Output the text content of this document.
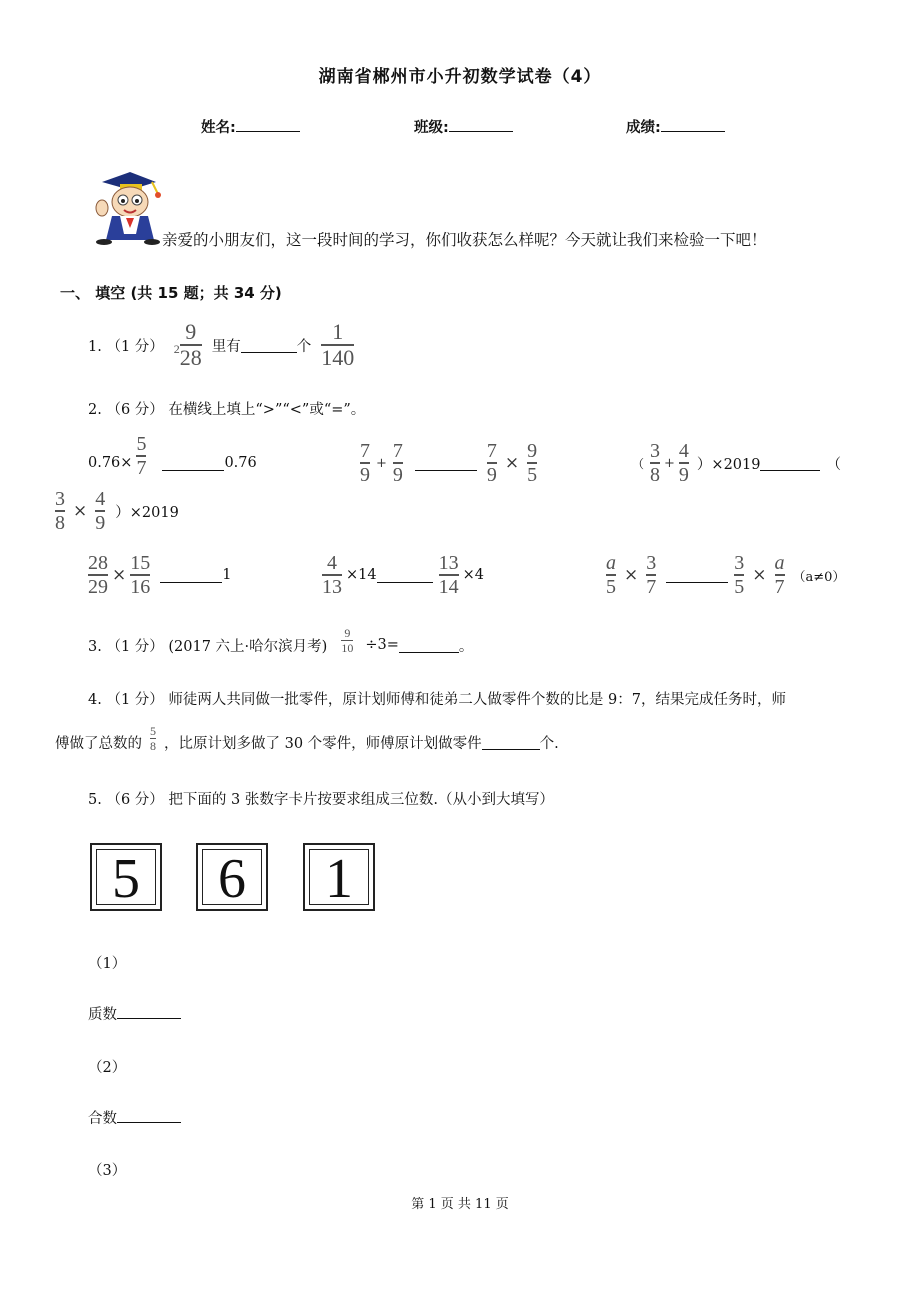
湖南省郴州市小升初数学试卷（4）
姓名:	班级:	成绩:
亲爱的小朋友们，这一段时间的学习，你们收获怎么样呢？今天就让我们来检验一下吧！
一、 填空 (共 15 题；共 34 分)
1. （1 分） $2 \frac{9}{28}$ 里有	个 $\frac{1}{140}$
2. （6 分） 在横线上填上“>”“<”或“=”。
$0.76\times \frac{5}{7}$	0.76	$\frac{7}{9} + \frac{7}{9}$	$\frac{7}{9} \times \frac{9}{5}$	（ $\frac{3}{8} + \frac{4}{9} )\times 2019$	（
$\frac{3}{8} \times \frac{4}{9} )\times 2019$
$\frac{28}{29} \times \frac{15}{16}$	1	$\frac{4}{13} \times 14$	$\frac{13}{14} \times 4$	$\frac{a}{5} \times \frac{3}{7}$	$\frac{3}{5} \times \frac{a}{7} (a\ne 0)$
3. （1 分） (2017 六上·哈尔滨月考) $\frac{9}{10} \div 3=$	。
4. （1 分） 师徒两人共同做一批零件，原计划师傅和徒弟二人做零件个数的比是 9：7，结果完成任务时，师
傅做了总数的 $\frac{5}{8}$ ，比原计划多做了 30 个零件，师傅原计划做零件	个.
5. （6 分） 把下面的 3 张数字卡片按要求组成三位数.（从小到大填写）
5 6 1
（1）
质数
（2）
合数
（3）
第 1 页 共 11 页
